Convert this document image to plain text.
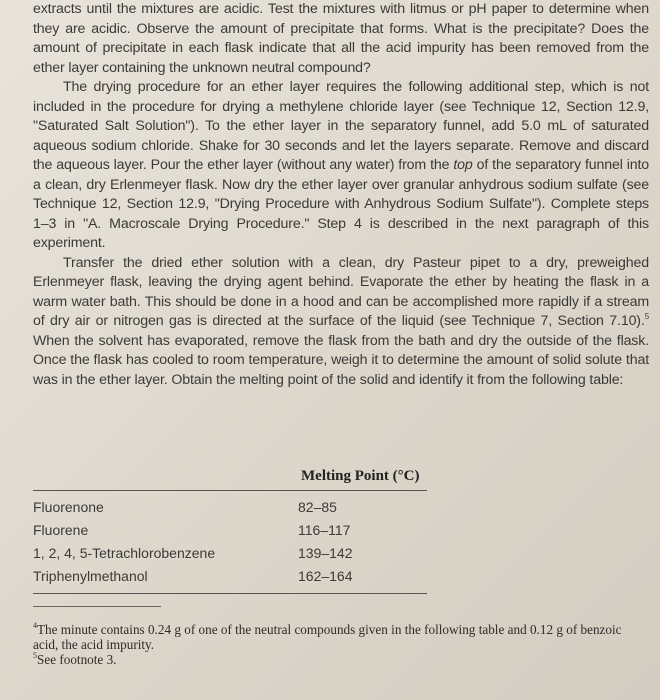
extracts until the mixtures are acidic. Test the mixtures with litmus or pH paper to determine when they are acidic. Observe the amount of precipitate that forms. What is the precipitate? Does the amount of precipitate in each flask indicate that all the acid impurity has been removed from the ether layer containing the unknown neutral compound?

The drying procedure for an ether layer requires the following additional step, which is not included in the procedure for drying a methylene chloride layer (see Technique 12, Section 12.9, "Saturated Salt Solution"). To the ether layer in the separatory funnel, add 5.0 mL of saturated aqueous sodium chloride. Shake for 30 seconds and let the layers separate. Remove and discard the aqueous layer. Pour the ether layer (without any water) from the top of the separatory funnel into a clean, dry Erlenmeyer flask. Now dry the ether layer over granular anhydrous sodium sulfate (see Technique 12, Section 12.9, "Drying Procedure with Anhydrous Sodium Sulfate"). Complete steps 1–3 in "A. Macroscale Drying Procedure." Step 4 is described in the next paragraph of this experiment.

Transfer the dried ether solution with a clean, dry Pasteur pipet to a dry, preweighed Erlenmeyer flask, leaving the drying agent behind. Evaporate the ether by heating the flask in a warm water bath. This should be done in a hood and can be accomplished more rapidly if a stream of dry air or nitrogen gas is directed at the surface of the liquid (see Technique 7, Section 7.10).$^5$ When the solvent has evaporated, remove the flask from the bath and dry the outside of the flask. Once the flask has cooled to room temperature, weigh it to determine the amount of solid solute that was in the ether layer. Obtain the melting point of the solid and identify it from the following table:

Melting Point (°C)
Fluorenone	82–85
Fluorene	116–117
1, 2, 4, 5-Tetrachlorobenzene	139–142
Triphenylmethanol	162–164

$^4$The minute contains 0.24 g of one of the neutral compounds given in the following table and 0.12 g of benzoic acid, the acid impurity.

$^5$See footnote 3.
